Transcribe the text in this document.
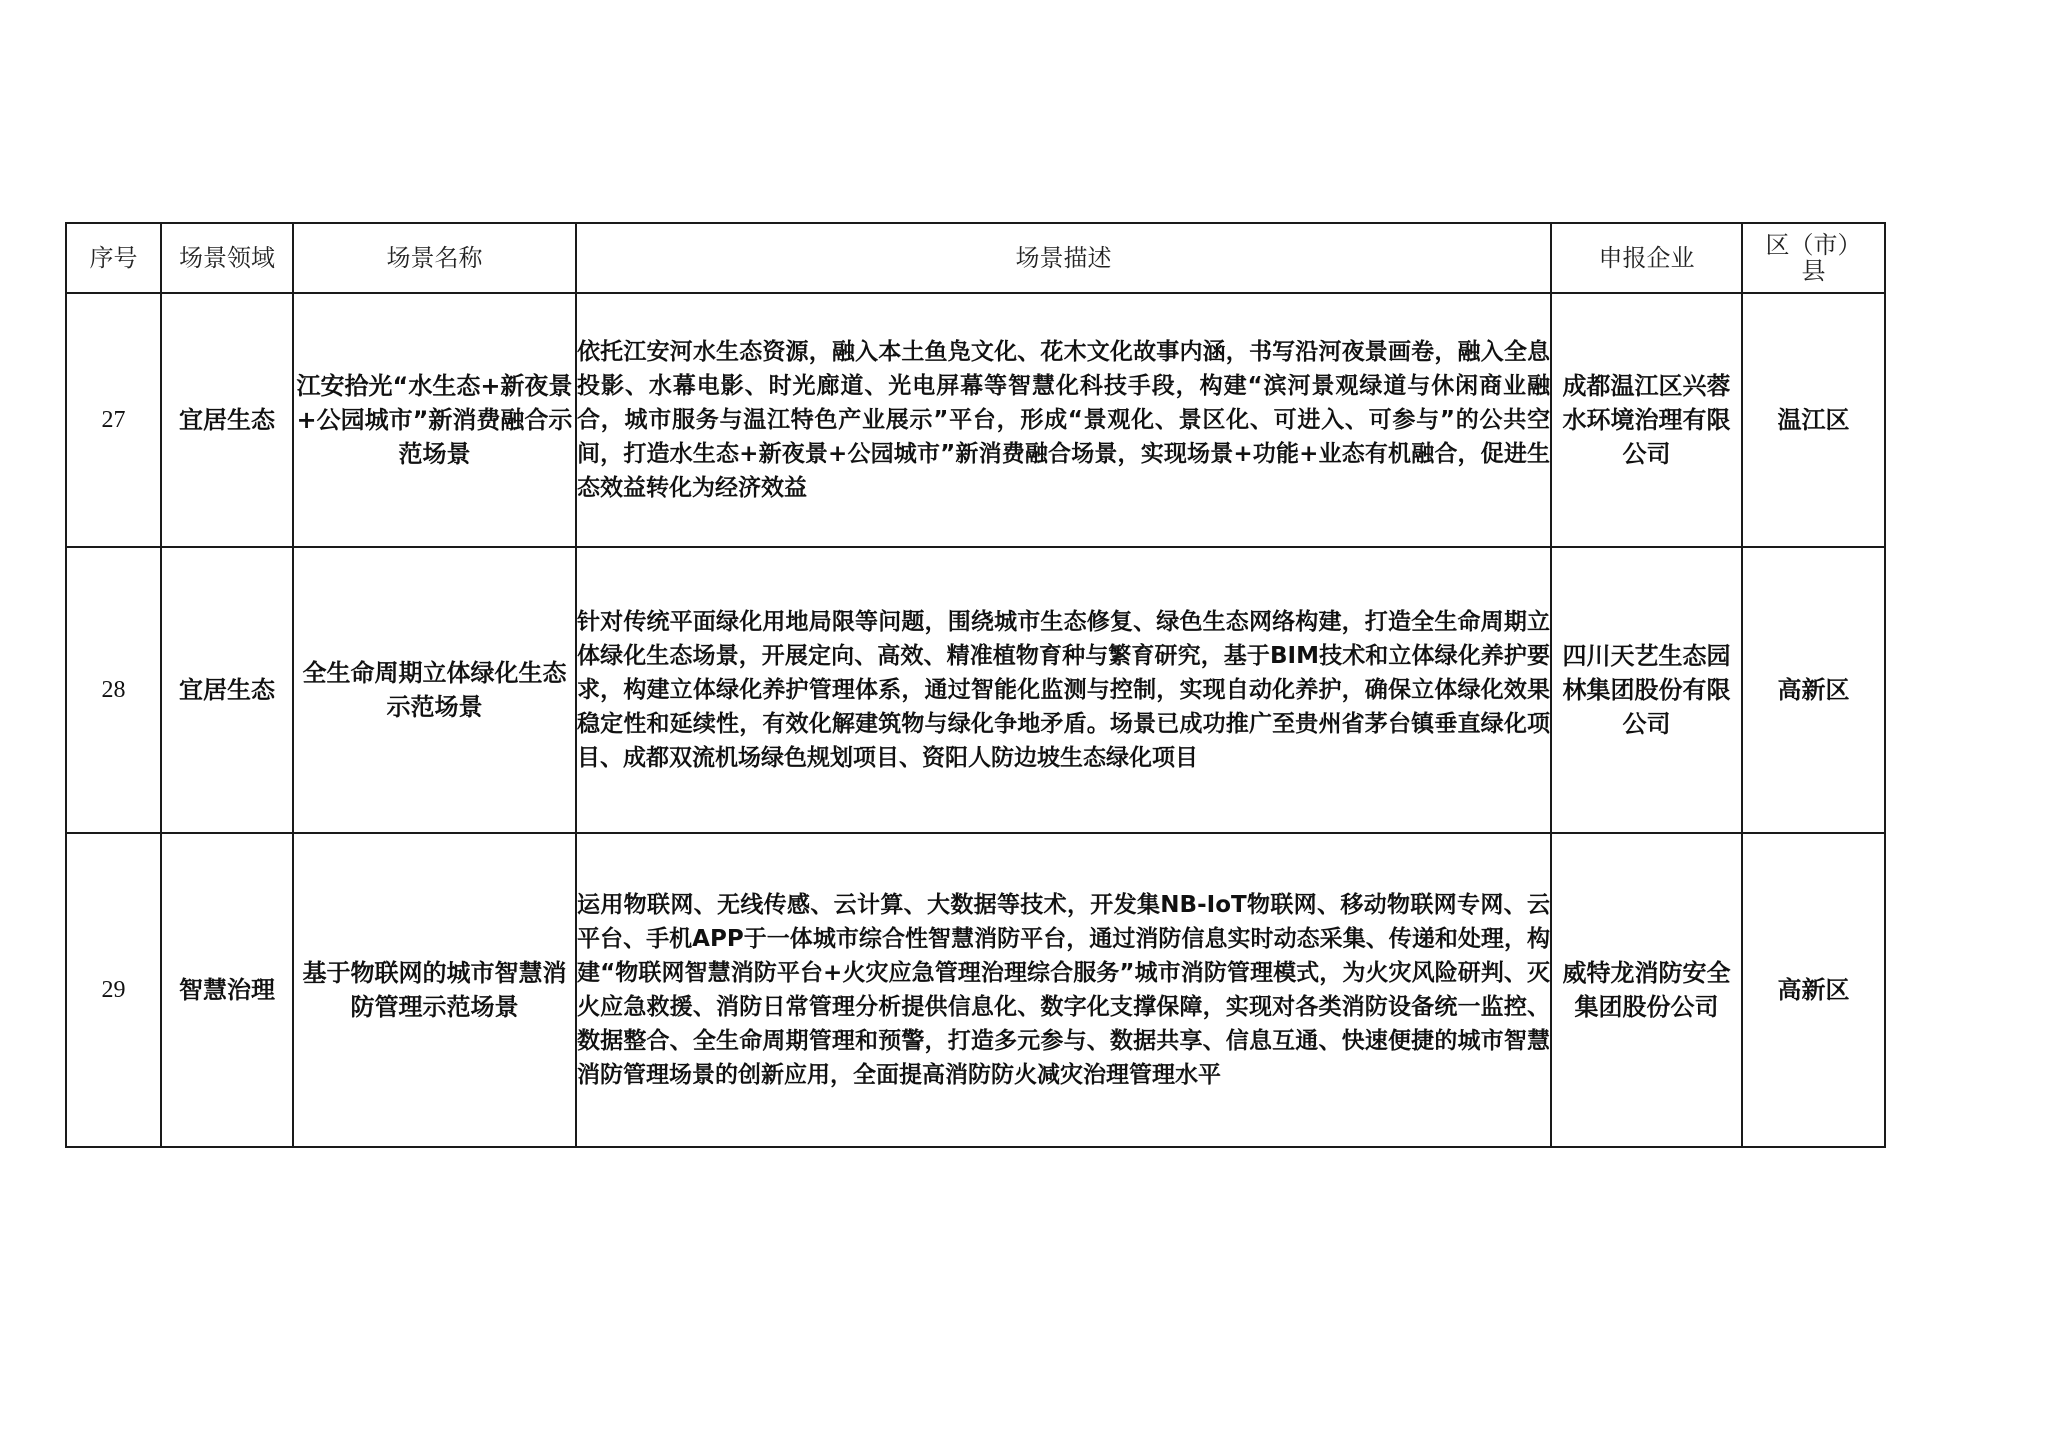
序号	场景领域	场景名称	场景描述	申报企业	区（市）县
27	宜居生态	江安拾光“水生态+新夜景+公园城市”新消费融合示范场景	依托江安河水生态资源，融入本土鱼凫文化、花木文化故事内涵，书写沿河夜景画卷，融入全息投影、水幕电影、时光廊道、光电屏幕等智慧化科技手段，构建“滨河景观绿道与休闲商业融合，城市服务与温江特色产业展示”平台，形成“景观化、景区化、可进入、可参与”的公共空间，打造水生态+新夜景+公园城市”新消费融合场景，实现场景+功能+业态有机融合，促进生态效益转化为经济效益	成都温江区兴蓉水环境治理有限公司	温江区
28	宜居生态	全生命周期立体绿化生态示范场景	针对传统平面绿化用地局限等问题，围绕城市生态修复、绿色生态网络构建，打造全生命周期立体绿化生态场景，开展定向、高效、精准植物育种与繁育研究，基于BIM技术和立体绿化养护要求，构建立体绿化养护管理体系，通过智能化监测与控制，实现自动化养护，确保立体绿化效果稳定性和延续性，有效化解建筑物与绿化争地矛盾。场景已成功推广至贵州省茅台镇垂直绿化项目、成都双流机场绿色规划项目、资阳人防边坡生态绿化项目	四川天艺生态园林集团股份有限公司	高新区
29	智慧治理	基于物联网的城市智慧消防管理示范场景	运用物联网、无线传感、云计算、大数据等技术，开发集NB-IoT物联网、移动物联网专网、云平台、手机APP于一体城市综合性智慧消防平台，通过消防信息实时动态采集、传递和处理，构建“物联网智慧消防平台+火灾应急管理治理综合服务”城市消防管理模式，为火灾风险研判、灭火应急救援、消防日常管理分析提供信息化、数字化支撑保障，实现对各类消防设备统一监控、数据整合、全生命周期管理和预警，打造多元参与、数据共享、信息互通、快速便捷的城市智慧消防管理场景的创新应用，全面提高消防防火减灾治理管理水平	威特龙消防安全集团股份公司	高新区
